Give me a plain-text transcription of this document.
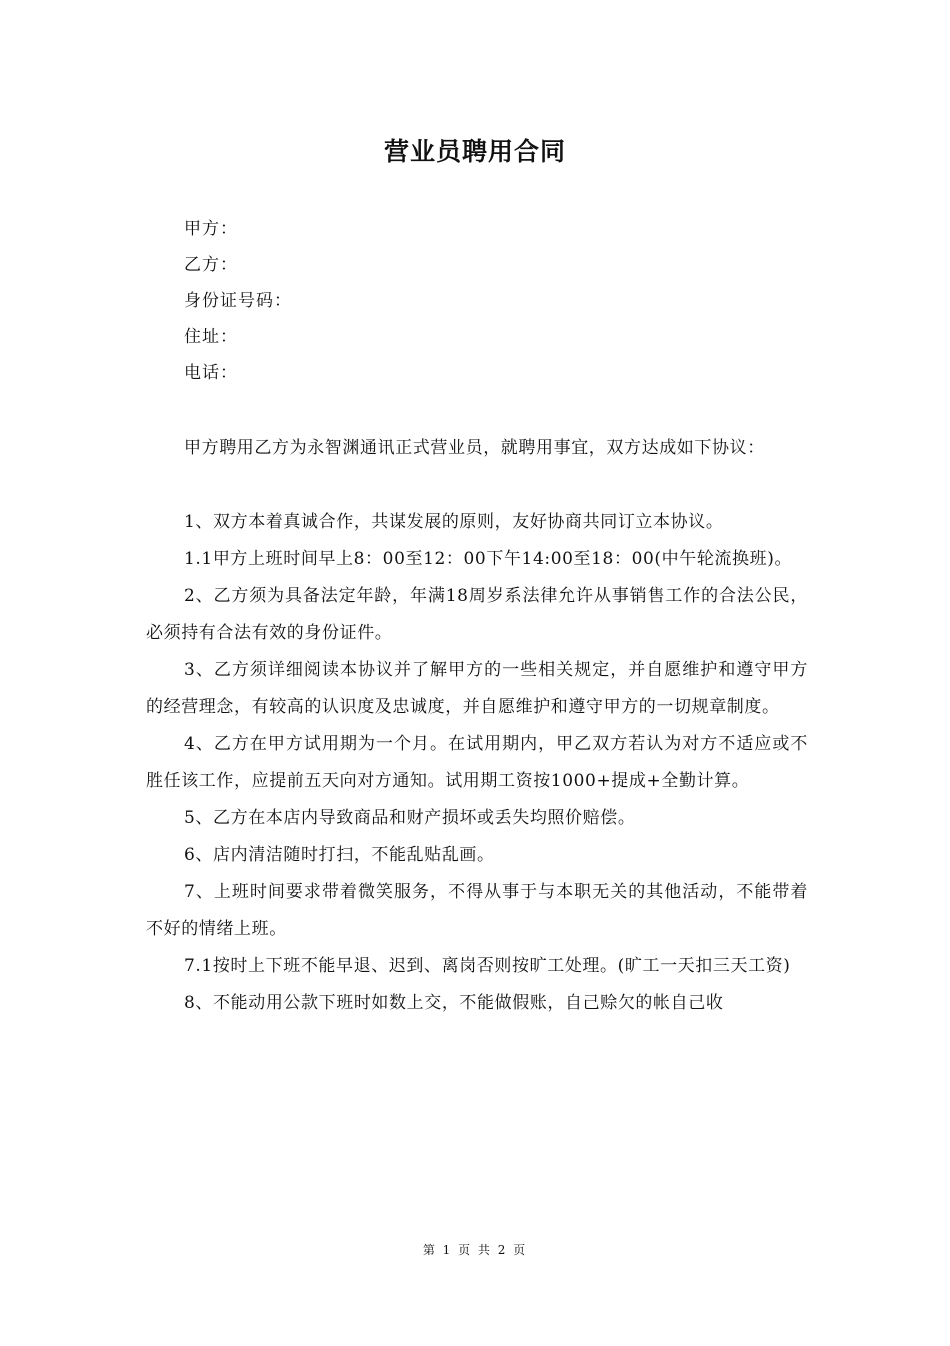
营业员聘用合同
甲方：
乙方：
身份证号码：
住址：
电话：

甲方聘用乙方为永智渊通讯正式营业员，就聘用事宜，双方达成如下协议：

1、双方本着真诚合作，共谋发展的原则，友好协商共同订立本协议。

1.1甲方上班时间早上8：00至12：00下午14:00至18：00(中午轮流换班)。

2、乙方须为具备法定年龄，年满18周岁系法律允许从事销售工作的合法公民，必须持有合法有效的身份证件。

3、乙方须详细阅读本协议并了解甲方的一些相关规定，并自愿维护和遵守甲方的经营理念，有较高的认识度及忠诚度，并自愿维护和遵守甲方的一切规章制度。

4、乙方在甲方试用期为一个月。在试用期内，甲乙双方若认为对方不适应或不胜任该工作，应提前五天向对方通知。试用期工资按1000+提成+全勤计算。

5、乙方在本店内导致商品和财产损坏或丢失均照价赔偿。

6、店内清洁随时打扫，不能乱贴乱画。

7、上班时间要求带着微笑服务，不得从事于与本职无关的其他活动，不能带着不好的情绪上班。

7.1按时上下班不能早退、迟到、离岗否则按旷工处理。(旷工一天扣三天工资)

8、不能动用公款下班时如数上交，不能做假账，自己赊欠的帐自己收

第 1 页 共 2 页
